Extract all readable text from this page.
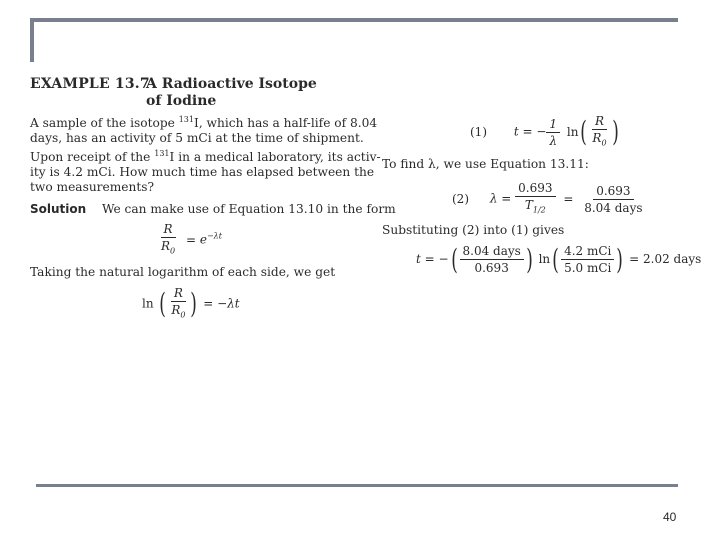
EXAMPLE 13.7
A Radioactive Isotope
of Iodine
A sample of the isotope $^{131}$I, which has a half-life of 8.04
days, has an activity of 5 mCi at the time of shipment.
Upon receipt of the $^{131}$I in a medical laboratory, its activ-
ity is 4.2 mCi. How much time has elapsed between the
two measurements?
Solution We can make use of Equation 13.10 in the form
$\frac{R}{R_0} = e^{-\lambda t}$
Taking the natural logarithm of each side, we get
ln ( $\frac{R}{R_0}$ ) = −λt
(1) t = − $\frac{1}{\lambda} \ln( \frac{R}{R_0}$ )
To find λ, we use Equation 13.11:
(2) $\lambda = \frac{0.693}{T_{1/2}} = \frac{0.693}{\text{8.04 days}}$
Substituting (2) into (1) gives
t = −( $\frac{\text{8.04 days}}{0.693}$ ) $\ln( \frac{\text{4.2 mCi}}{\text{5.0 mCi}}$ ) = 2.02 days
40
